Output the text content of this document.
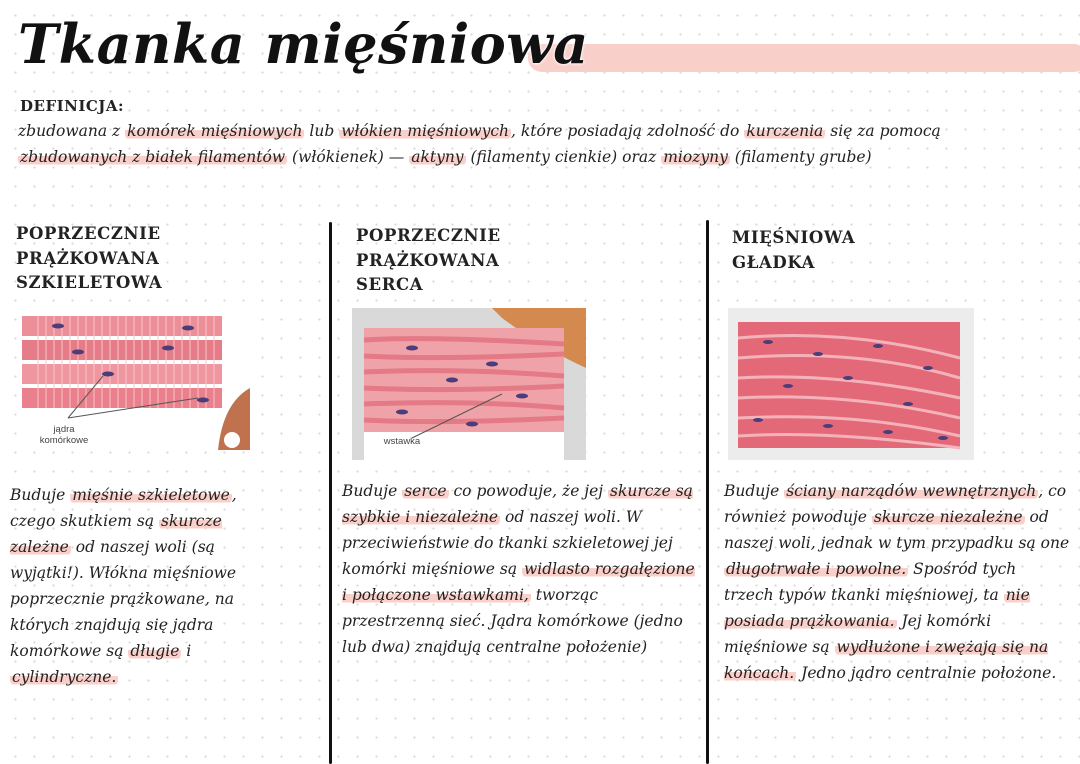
Tkanka mięśniowa
DEFINICJA:
zbudowana z komórek mięśniowych lub włókien mięśniowych , które posiadają zdolność do kurczenia się za pomocą zbudowanych z białek filamentów (włókienek) — aktyny (filamenty cienkie) oraz miozyny (filamenty grube)

POPRZECZNIE
PRĄŻKOWANA
SZKIELETOWA

jądra
komórkowe
Buduje mięśnie szkieletowe , czego skutkiem są skurcze zależne od naszej woli (są wyjątki!). Włókna mięśniowe poprzecznie prążkowane, na których znajdują się jądra komórkowe są długie i cylindryczne.

POPRZECZNIE
PRĄŻKOWANA
SERCA

wstawka
Buduje serce co powoduje, że jej skurcze są szybkie i niezależne od naszej woli. W przeciwieństwie do tkanki szkieletowej jej komórki mięśniowe są widlasto rozgałęzione i połączone wstawkami, tworząc przestrzenną sieć. Jądra komórkowe (jedno lub dwa) znajdują centralne położenie)

MIĘŚNIOWA
GŁADKA

Buduje ściany narządów wewnętrznych , co również powoduje skurcze niezależne od naszej woli, jednak w tym przypadku są one długotrwałe i powolne. Spośród tych trzech typów tkanki mięśniowej, ta nie posiada prążkowania. Jej komórki mięśniowe są wydłużone i zwężają się na końcach. Jedno jądro centralnie położone.
